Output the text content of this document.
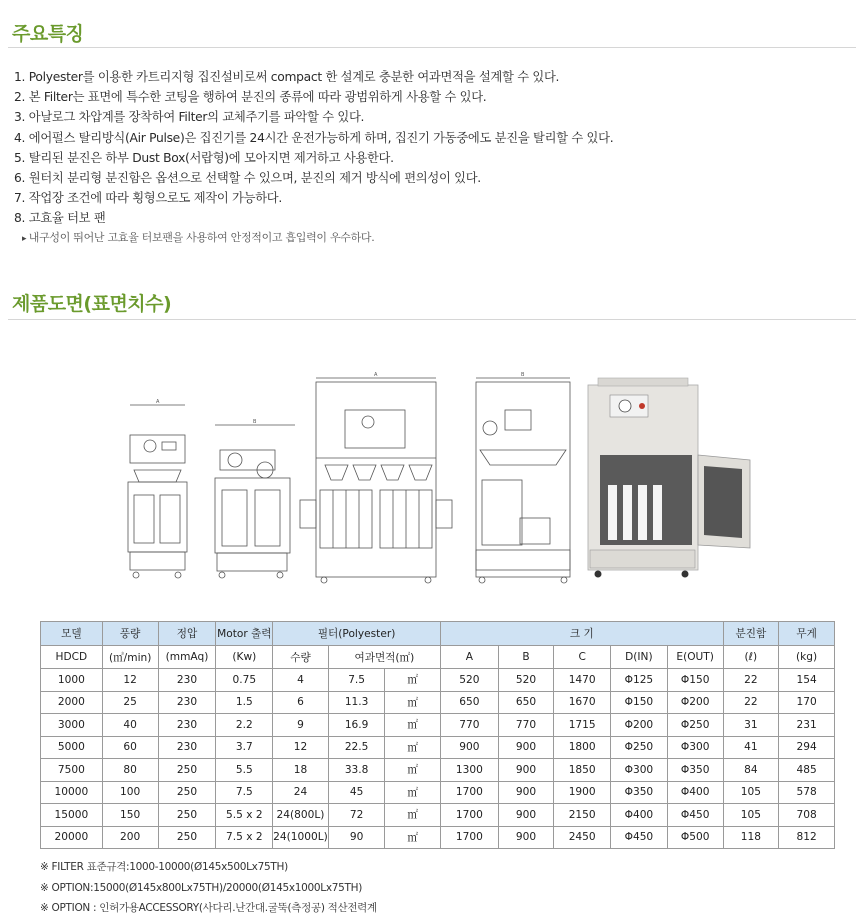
주요특징
1. Polyester를 이용한 카트리지형 집진설비로써 compact 한 설계로 충분한 여과면적을 설계할 수 있다.
2. 본 Filter는 표면에 특수한 코팅을 행하여 분진의 종류에 따라 광범위하게 사용할 수 있다.
3. 아날로그 차압계를 장착하여 Filter의 교체주기를 파악할 수 있다.
4. 에어펄스 탈리방식(Air Pulse)은 집진기를 24시간 운전가능하게 하며, 집진기 가동중에도 분진을 탈리할 수 있다.
5. 탈리된 분진은 하부 Dust Box(서랍형)에 모아지면 제거하고 사용한다.
6. 원터치 분리형 분진함은 옵션으로 선택할 수 있으며, 분진의 제거 방식에 편의성이 있다.
7. 작업장 조건에 따라 횡형으로도 제작이 가능하다.
8. 고효율 터보 팬
▸ 내구성이 뛰어난 고효율 터보팬을 사용하여 안정적이고 흡입력이 우수하다.
제품도면(표면치수)
A
B
A	B
모델	풍량	정압	Motor 출력	필터(Polyester)			크 기					분진함	무게
HDCD	(㎥/min)	(mmAq)	(Kw)	수량	여과면적(㎡)		A	B	C	D(IN)	E(OUT)	(ℓ)	(kg)
1000	12	230	0.75	4	7.5	㎡	520	520	1470	Φ125	Φ150	22	154
2000	25	230	1.5	6	11.3	㎡	650	650	1670	Φ150	Φ200	22	170
3000	40	230	2.2	9	16.9	㎡	770	770	1715	Φ200	Φ250	31	231
5000	60	230	3.7	12	22.5	㎡	900	900	1800	Φ250	Φ300	41	294
7500	80	250	5.5	18	33.8	㎡	1300	900	1850	Φ300	Φ350	84	485
10000	100	250	7.5	24	45	㎡	1700	900	1900	Φ350	Φ400	105	578
15000	150	250	5.5 x 2	24(800L)	72	㎡	1700	900	2150	Φ400	Φ450	105	708
20000	200	250	7.5 x 2	24(1000L)	90	㎡	1700	900	2450	Φ450	Φ500	118	812
※ FILTER 표준규격:1000-10000(Ø145x500Lx75TH)
※ OPTION:15000(Ø145x800Lx75TH)/20000(Ø145x1000Lx75TH)
※ OPTION : 인허가용ACCESSORY(사다리.난간대.굴뚝(측정공) 적산전력계
